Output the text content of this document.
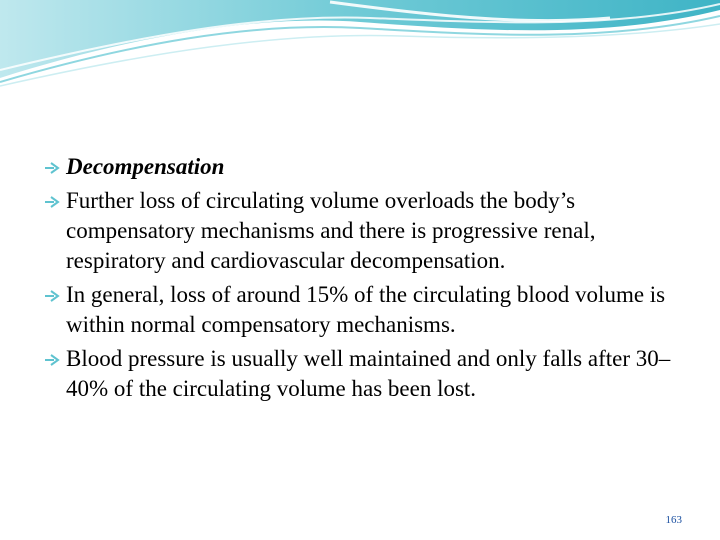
Decompensation
Further loss of circulating volume overloads the body’s compensatory mechanisms and there is progressive renal, respiratory and cardiovascular decompensation.
In general, loss of around 15% of the circulating blood volume is within normal compensatory mechanisms.
Blood pressure is usually well maintained and only falls after 30–40% of the circulating volume has been lost.
163
